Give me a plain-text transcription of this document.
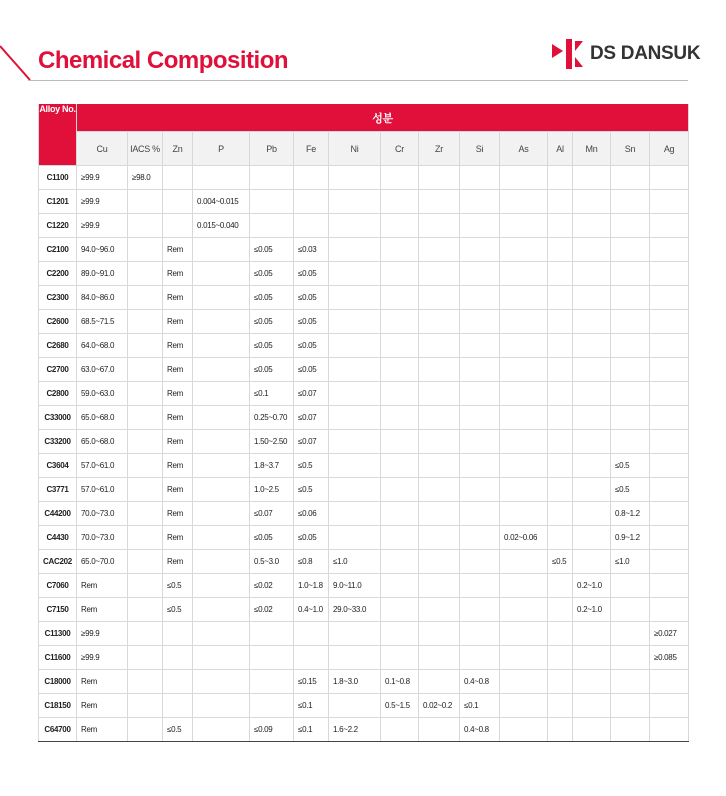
Chemical Composition	DS DANSUK
Alloy No.	성분														
	Cu	IACS %	Zn	P	Pb	Fe	Ni	Cr	Zr	Si	As	Al	Mn	Sn	Ag
C1100	≥99.9	≥98.0													
C1201	≥99.9			0.004~0.015											
C1220	≥99.9			0.015~0.040											
C2100	94.0~96.0		Rem		≤0.05	≤0.03									
C2200	89.0~91.0		Rem		≤0.05	≤0.05									
C2300	84.0~86.0		Rem		≤0.05	≤0.05									
C2600	68.5~71.5		Rem		≤0.05	≤0.05									
C2680	64.0~68.0		Rem		≤0.05	≤0.05									
C2700	63.0~67.0		Rem		≤0.05	≤0.05									
C2800	59.0~63.0		Rem		≤0.1	≤0.07									
C33000	65.0~68.0		Rem		0.25~0.70	≤0.07									
C33200	65.0~68.0		Rem		1.50~2.50	≤0.07									
C3604	57.0~61.0		Rem		1.8~3.7	≤0.5								≤0.5	
C3771	57.0~61.0		Rem		1.0~2.5	≤0.5								≤0.5	
C44200	70.0~73.0		Rem		≤0.07	≤0.06								0.8~1.2	
C4430	70.0~73.0		Rem		≤0.05	≤0.05					0.02~0.06			0.9~1.2	
CAC202	65.0~70.0		Rem		0.5~3.0	≤0.8	≤1.0					≤0.5		≤1.0	
C7060	Rem		≤0.5		≤0.02	1.0~1.8	9.0~11.0						0.2~1.0		
C7150	Rem		≤0.5		≤0.02	0.4~1.0	29.0~33.0						0.2~1.0		
C11300	≥99.9														≥0.027
C11600	≥99.9														≥0.085
C18000	Rem					≤0.15	1.8~3.0	0.1~0.8		0.4~0.8					
C18150	Rem					≤0.1		0.5~1.5	0.02~0.2	≤0.1					
C64700	Rem		≤0.5		≤0.09	≤0.1	1.6~2.2			0.4~0.8					
